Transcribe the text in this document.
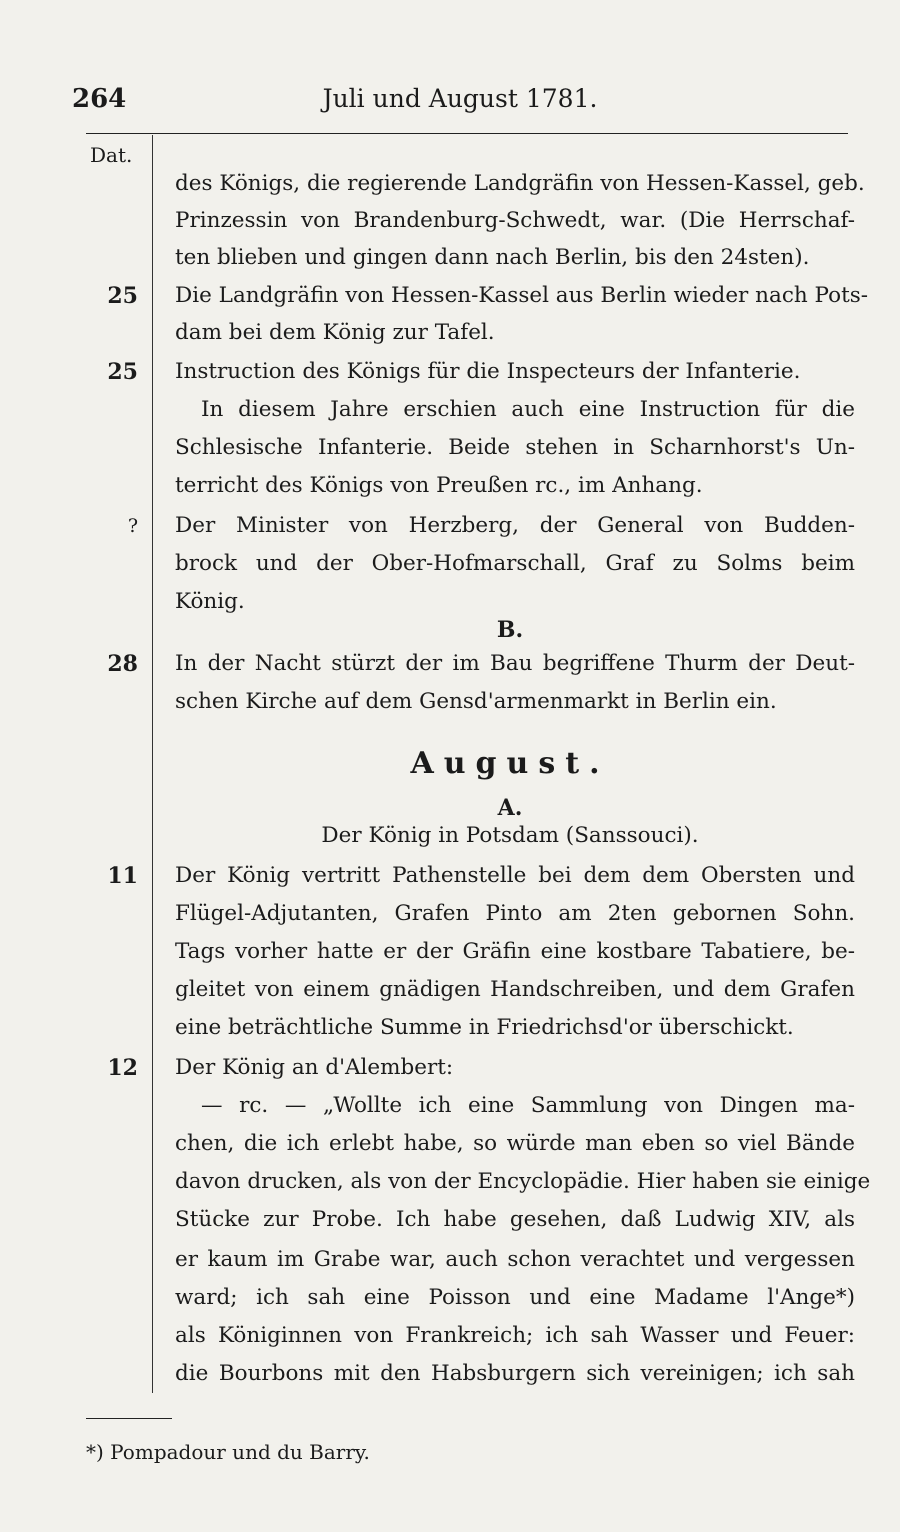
264	Juli und August 1781.
Dat.
des Königs, die regierende Landgräfin von Hessen-Kassel, geb.
Prinzessin von Brandenburg-Schwedt, war. (Die Herrschaf-
ten blieben und gingen dann nach Berlin, bis den 24sten).
25 Die Landgräfin von Hessen-Kassel aus Berlin wieder nach Pots-
dam bei dem König zur Tafel.
25 Instruction des Königs für die Inspecteurs der Infanterie.
In diesem Jahre erschien auch eine Instruction für die
Schlesische Infanterie. Beide stehen in Scharnhorst's Un-
terricht des Königs von Preußen rc., im Anhang.
? Der Minister von Herzberg, der General von Budden-
brock und der Ober-Hofmarschall, Graf zu Solms beim
König.
B.
28 In der Nacht stürzt der im Bau begriffene Thurm der Deut-
schen Kirche auf dem Gensd'armenmarkt in Berlin ein.
August.
A.
Der König in Potsdam (Sanssouci).
11 Der König vertritt Pathenstelle bei dem dem Obersten und
Flügel-Adjutanten, Grafen Pinto am 2ten gebornen Sohn.
Tags vorher hatte er der Gräfin eine kostbare Tabatiere, be-
gleitet von einem gnädigen Handschreiben, und dem Grafen
eine beträchtliche Summe in Friedrichsd'or überschickt.
12 Der König an d'Alembert:
— rc. — „Wollte ich eine Sammlung von Dingen ma-
chen, die ich erlebt habe, so würde man eben so viel Bände
davon drucken, als von der Encyclopädie. Hier haben sie einige
Stücke zur Probe. Ich habe gesehen, daß Ludwig XIV, als
er kaum im Grabe war, auch schon verachtet und vergessen
ward; ich sah eine Poisson und eine Madame l'Ange*)
als Königinnen von Frankreich; ich sah Wasser und Feuer:
die Bourbons mit den Habsburgern sich vereinigen; ich sah
*) Pompadour und du Barry.
